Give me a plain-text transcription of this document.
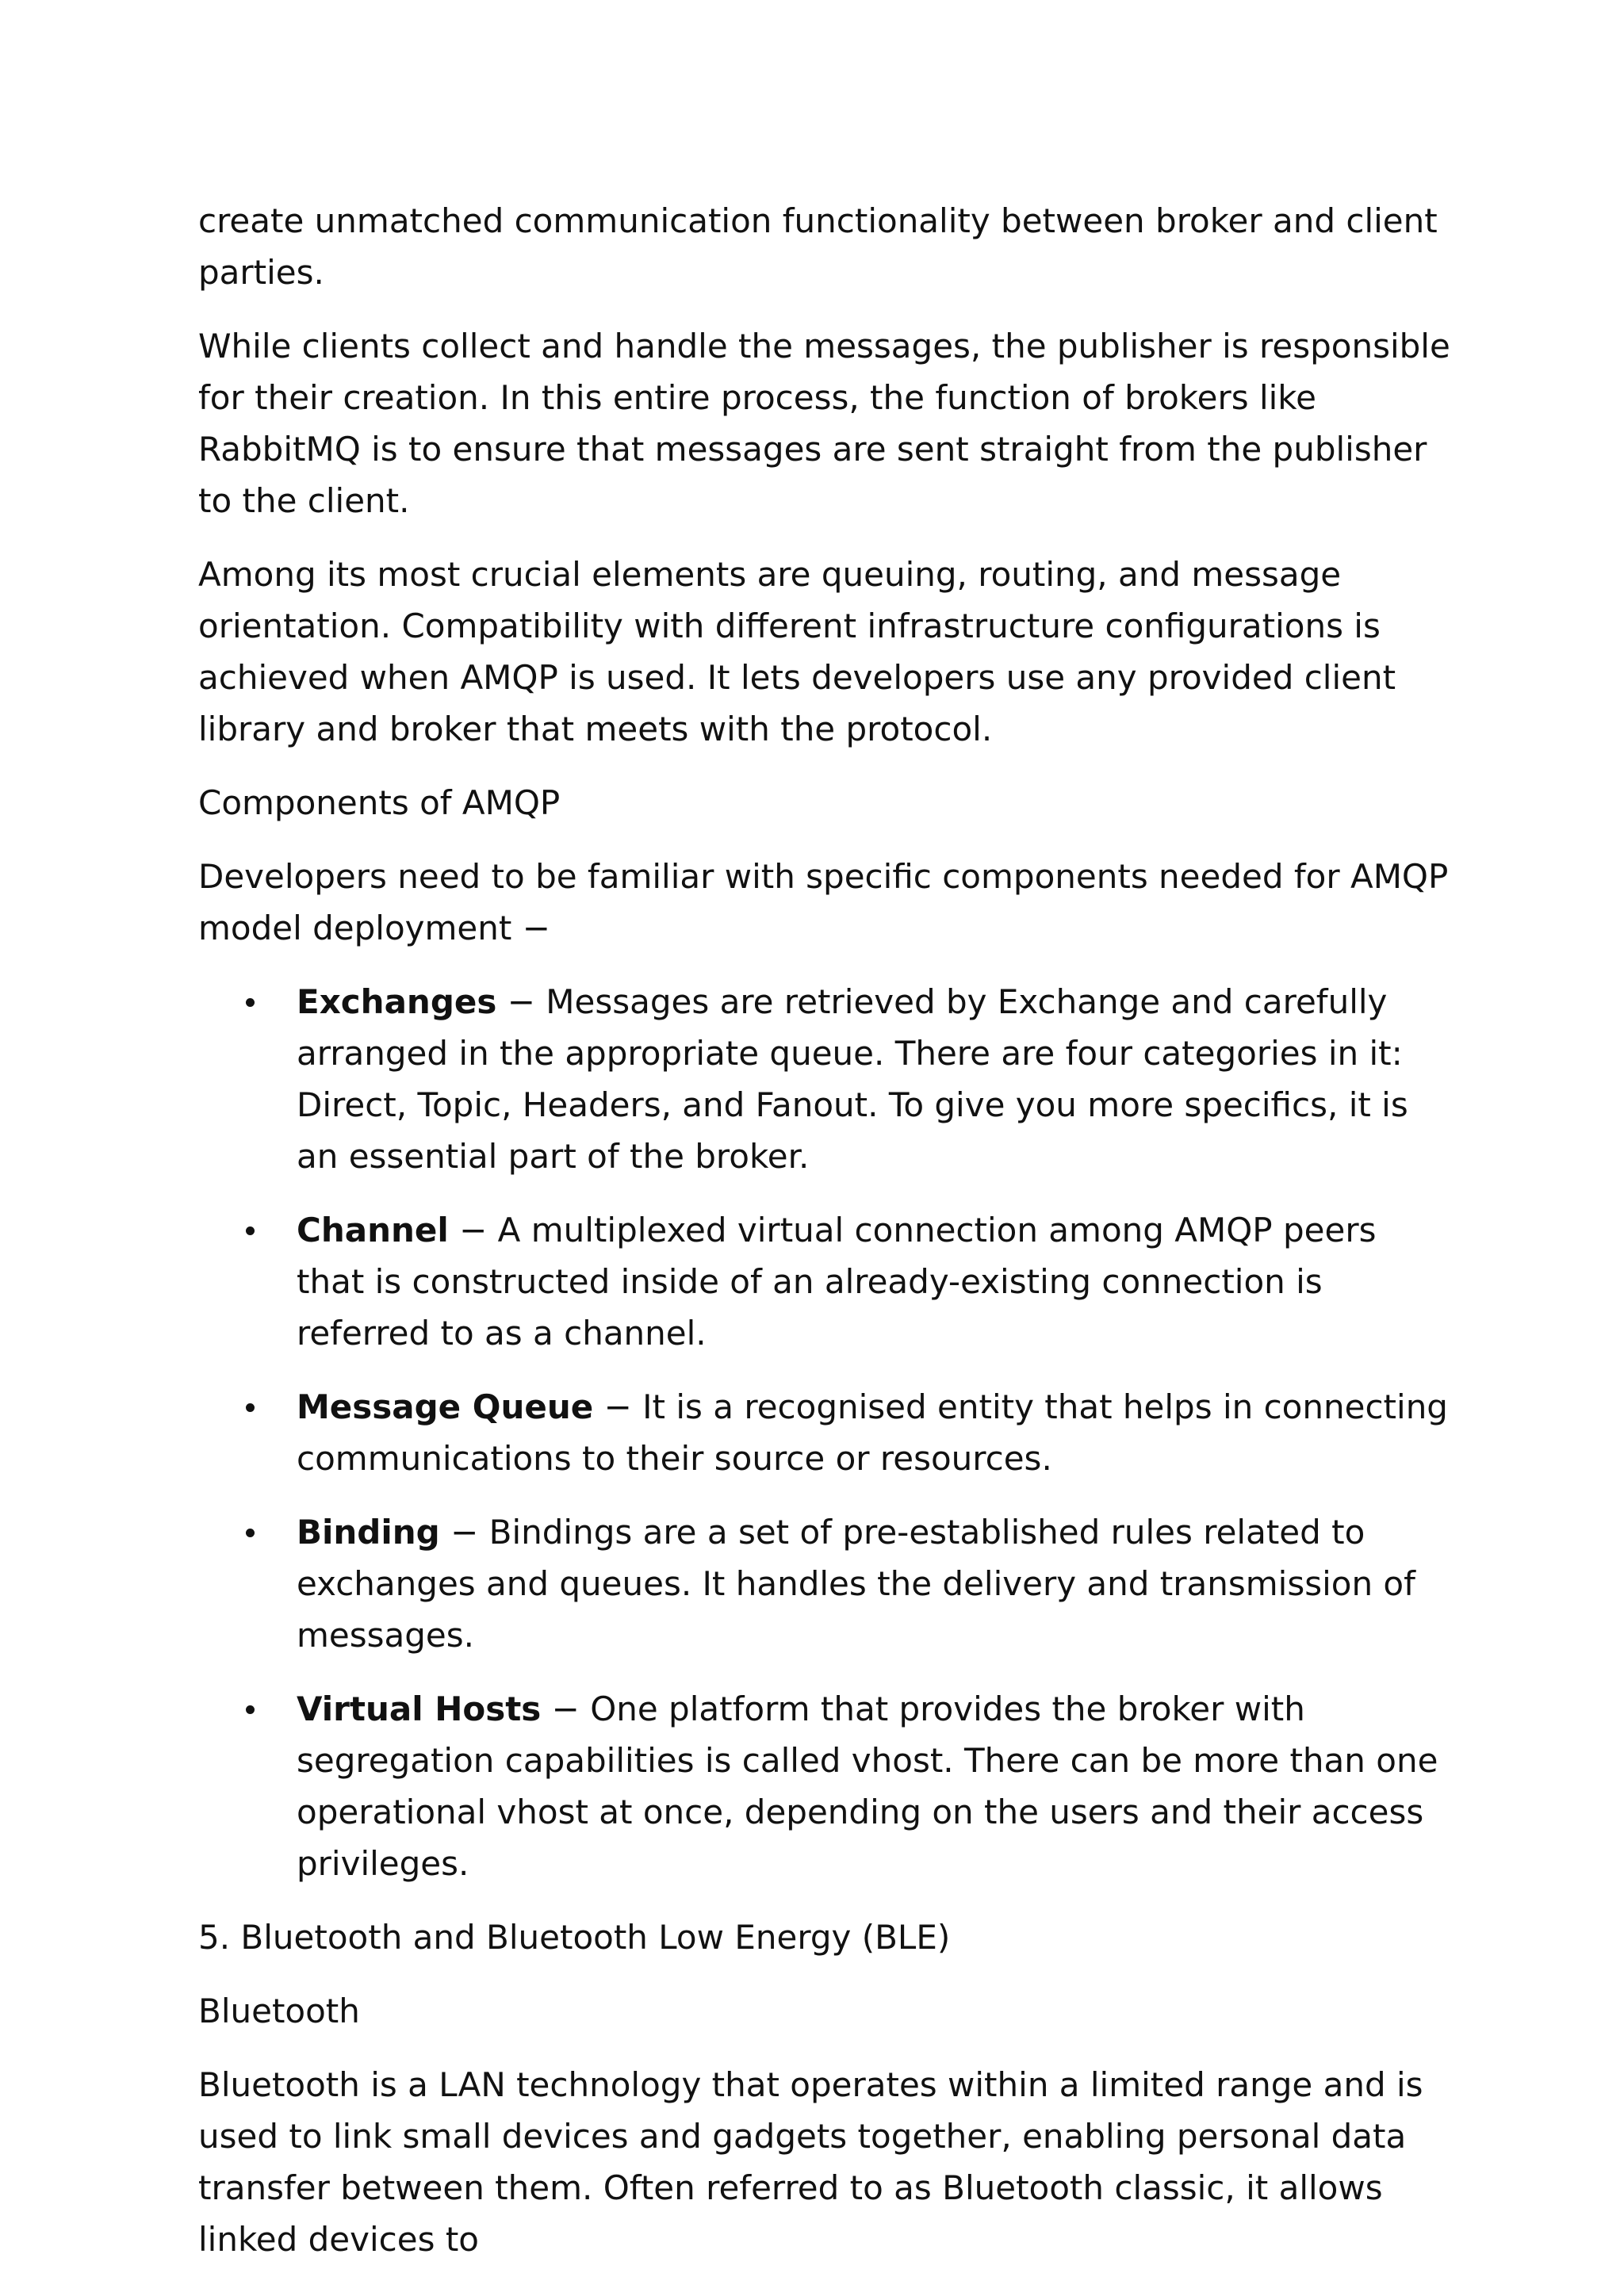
create unmatched communication functionality between broker and client parties.

While clients collect and handle the messages, the publisher is responsible for their creation. In this entire process, the function of brokers like RabbitMQ is to ensure that messages are sent straight from the publisher to the client.

Among its most crucial elements are queuing, routing, and message orientation. Compatibility with different infrastructure configurations is achieved when AMQP is used. It lets developers use any provided client library and broker that meets with the protocol.

Components of AMQP

Developers need to be familiar with specific components needed for AMQP model deployment −

Exchanges − Messages are retrieved by Exchange and carefully arranged in the appropriate queue. There are four categories in it: Direct, Topic, Headers, and Fanout. To give you more specifics, it is an essential part of the broker.
Channel − A multiplexed virtual connection among AMQP peers that is constructed inside of an already-existing connection is referred to as a channel.
Message Queue − It is a recognised entity that helps in connecting communications to their source or resources.
Binding − Bindings are a set of pre-established rules related to exchanges and queues. It handles the delivery and transmission of messages.
Virtual Hosts − One platform that provides the broker with segregation capabilities is called vhost. There can be more than one operational vhost at once, depending on the users and their access privileges.

5. Bluetooth and Bluetooth Low Energy (BLE)

Bluetooth

Bluetooth is a LAN technology that operates within a limited range and is used to link small devices and gadgets together, enabling personal data transfer between them. Often referred to as Bluetooth classic, it allows linked devices to
